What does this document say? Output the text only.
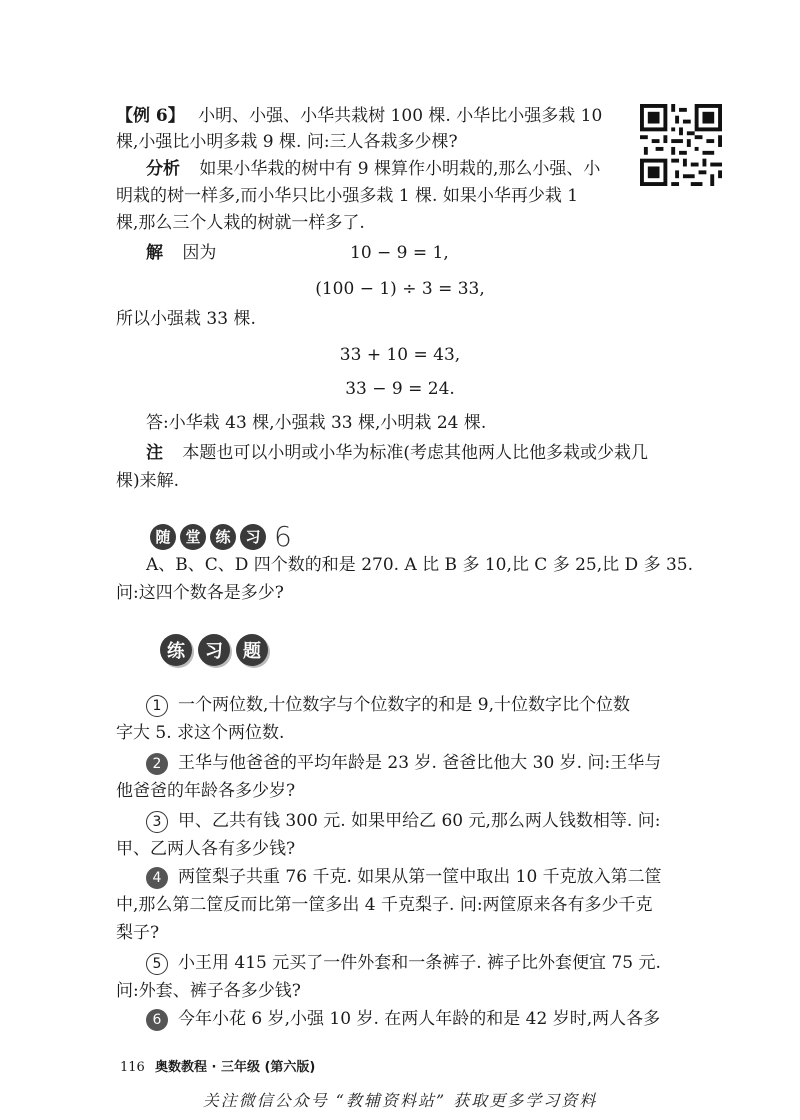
【例 6】 小明、小强、小华共栽树 100 棵. 小华比小强多栽 10
棵,小强比小明多栽 9 棵. 问:三人各栽多少棵?
分析 如果小华栽的树中有 9 棵算作小明栽的,那么小强、小
明栽的树一样多,而小华只比小强多栽 1 棵. 如果小华再少栽 1
棵,那么三个人栽的树就一样多了.
解 因为	10 − 9 = 1,
(100 − 1) ÷ 3 = 33,
所以小强栽 33 棵.
33 + 10 = 43,
33 − 9 = 24.
答:小华栽 43 棵,小强栽 33 棵,小明栽 24 棵.
注 本题也可以小明或小华为标准(考虑其他两人比他多栽或少栽几
棵)来解.
随 堂 练 习 6
A、B、C、D 四个数的和是 270. A 比 B 多 10,比 C 多 25,比 D 多 35.
问:这四个数各是多少?
练	习	题
1 一个两位数,十位数字与个位数字的和是 9,十位数字比个位数
字大 5. 求这个两位数.
2 王华与他爸爸的平均年龄是 23 岁. 爸爸比他大 30 岁. 问:王华与
他爸爸的年龄各多少岁?
3 甲、乙共有钱 300 元. 如果甲给乙 60 元,那么两人钱数相等. 问:
甲、乙两人各有多少钱?
4 两筐梨子共重 76 千克. 如果从第一筐中取出 10 千克放入第二筐
中,那么第二筐反而比第一筐多出 4 千克梨子. 问:两筐原来各有多少千克
梨子?
5 小王用 415 元买了一件外套和一条裤子. 裤子比外套便宜 75 元.
问:外套、裤子各多少钱?
6 今年小花 6 岁,小强 10 岁. 在两人年龄的和是 42 岁时,两人各多
116 奥数教程 · 三年级 (第六版)
关注微信公众号 “教辅资料站” 获取更多学习资料
